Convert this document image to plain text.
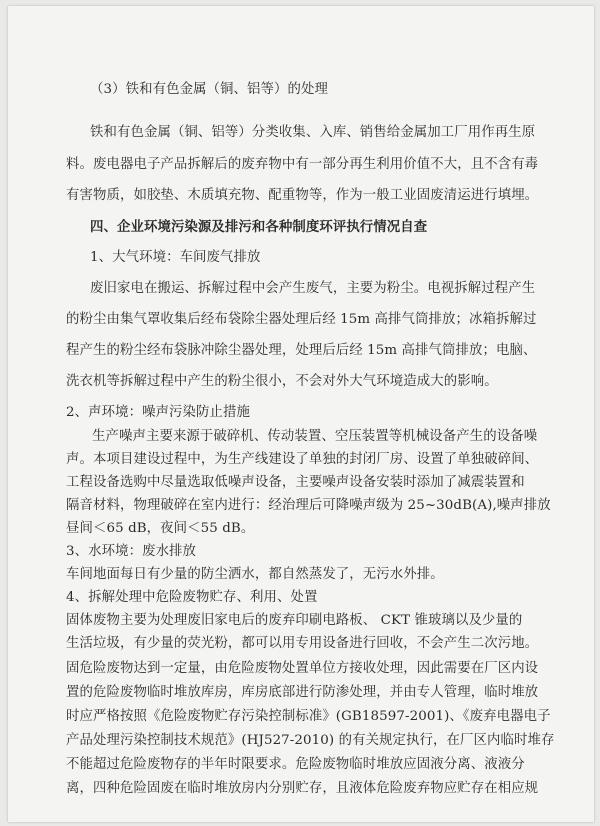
（3）铁和有色金属（铜、铝等）的处理
铁和有色金属（铜、铝等）分类收集、入库、销售给金属加工厂用作再生原
料。废电器电子产品拆解后的废弃物中有一部分再生利用价值不大，且不含有毒
有害物质，如胶垫、木质填充物、配重物等，作为一般工业固废清运进行填埋。
四、企业环境污染源及排污和各种制度环评执行情况自查
1、大气环境：车间废气排放
废旧家电在搬运、拆解过程中会产生废气，主要为粉尘。电视拆解过程产生
的粉尘由集气罩收集后经布袋除尘器处理后经 15m 高排气筒排放；冰箱拆解过
程产生的粉尘经布袋脉冲除尘器处理，处理后后经 15m 高排气筒排放；电脑、
洗衣机等拆解过程中产生的粉尘很小，不会对外大气环境造成大的影响。
2、声环境：噪声污染防止措施
生产噪声主要来源于破碎机、传动装置、空压装置等机械设备产生的设备噪
声。本项目建设过程中，为生产线建设了单独的封闭厂房、设置了单独破碎间、
工程设备选购中尽量选取低噪声设备，主要噪声设备安装时添加了减震装置和
隔音材料，物理破碎在室内进行：经治理后可降噪声级为 25~30dB(A),噪声排放
昼间＜65 dB，夜间＜55 dB。
3、水环境：废水排放
车间地面每日有少量的防尘洒水，都自然蒸发了，无污水外排。
4、拆解处理中危险废物贮存、利用、处置
固体废物主要为处理废旧家电后的废弃印刷电路板、 CKT 锥玻璃以及少量的
生活垃圾，有少量的荧光粉，都可以用专用设备进行回收，不会产生二次污地。
固危险废物达到一定量，由危险废物处置单位方接收处理，因此需要在厂区内设
置的危险废物临时堆放库房，库房底部进行防渗处理，并由专人管理，临时堆放
时应严格按照《危险废物贮存污染控制标准》(GB18597-2001)、《废弃电器电子
产品处理污染控制技术规范》(HJ527-2010) 的有关规定执行，在厂区内临时堆存
不能超过危险废物存的半年时限要求。危险废物临时堆放应固液分离、液液分
离，四种危险固废在临时堆放房内分别贮存，且液体危险废弃物应贮存在相应规
